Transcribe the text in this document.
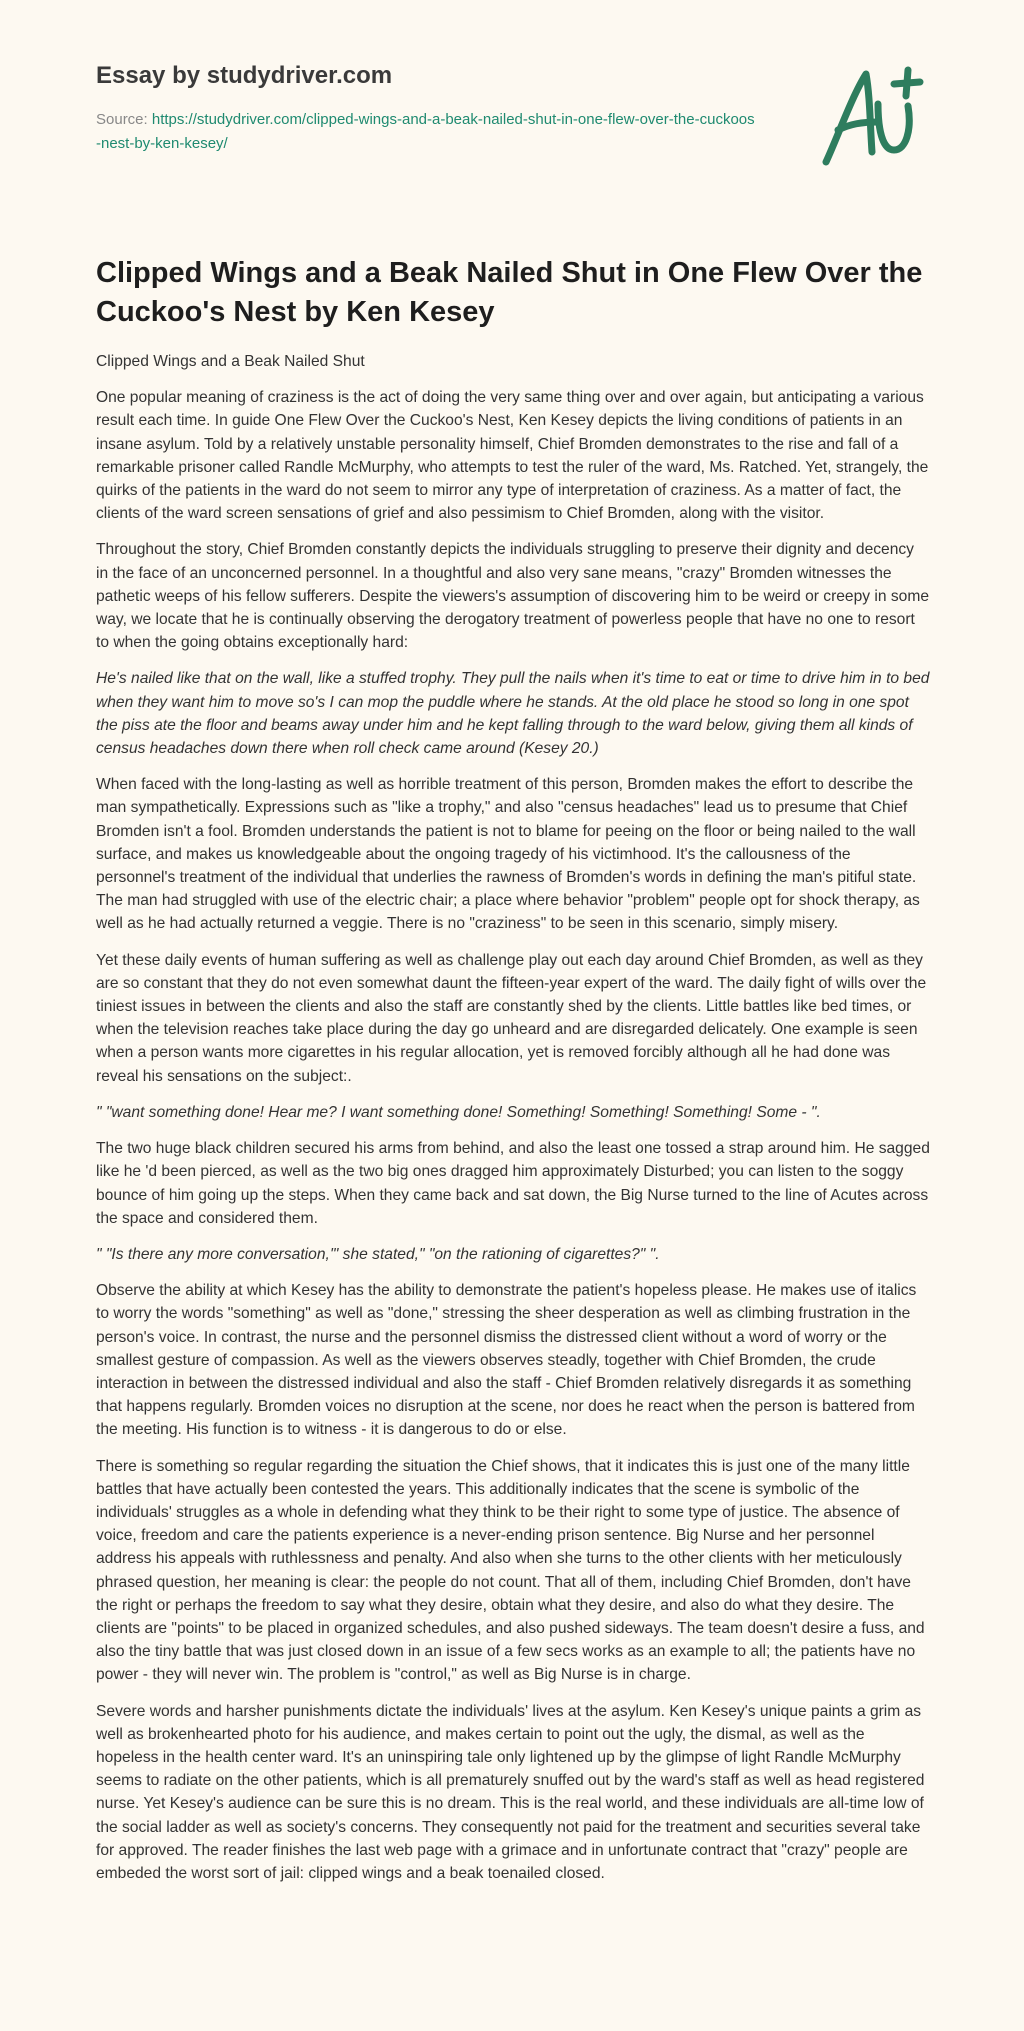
Essay by studydriver.com
Source: https://studydriver.com/clipped-wings-and-a-beak-nailed-shut-in-one-flew-over-the-cuckoos-nest-by-ken-kesey/
Clipped Wings and a Beak Nailed Shut in One Flew Over the Cuckoo's Nest by Ken Kesey

Clipped Wings and a Beak Nailed Shut

One popular meaning of craziness is the act of doing the very same thing over and over again, but anticipating a various result each time. In guide One Flew Over the Cuckoo's Nest, Ken Kesey depicts the living conditions of patients in an insane asylum. Told by a relatively unstable personality himself, Chief Bromden demonstrates to the rise and fall of a remarkable prisoner called Randle McMurphy, who attempts to test the ruler of the ward, Ms. Ratched. Yet, strangely, the quirks of the patients in the ward do not seem to mirror any type of interpretation of craziness. As a matter of fact, the clients of the ward screen sensations of grief and also pessimism to Chief Bromden, along with the visitor.

Throughout the story, Chief Bromden constantly depicts the individuals struggling to preserve their dignity and decency in the face of an unconcerned personnel. In a thoughtful and also very sane means, "crazy" Bromden witnesses the pathetic weeps of his fellow sufferers. Despite the viewers's assumption of discovering him to be weird or creepy in some way, we locate that he is continually observing the derogatory treatment of powerless people that have no one to resort to when the going obtains exceptionally hard:

He's nailed like that on the wall, like a stuffed trophy. They pull the nails when it's time to eat or time to drive him in to bed when they want him to move so's I can mop the puddle where he stands. At the old place he stood so long in one spot the piss ate the floor and beams away under him and he kept falling through to the ward below, giving them all kinds of census headaches down there when roll check came around (Kesey 20.)

When faced with the long-lasting as well as horrible treatment of this person, Bromden makes the effort to describe the man sympathetically. Expressions such as "like a trophy," and also "census headaches" lead us to presume that Chief Bromden isn't a fool. Bromden understands the patient is not to blame for peeing on the floor or being nailed to the wall surface, and makes us knowledgeable about the ongoing tragedy of his victimhood. It's the callousness of the personnel's treatment of the individual that underlies the rawness of Bromden's words in defining the man's pitiful state. The man had struggled with use of the electric chair; a place where behavior "problem" people opt for shock therapy, as well as he had actually returned a veggie. There is no "craziness" to be seen in this scenario, simply misery.

Yet these daily events of human suffering as well as challenge play out each day around Chief Bromden, as well as they are so constant that they do not even somewhat daunt the fifteen-year expert of the ward. The daily fight of wills over the tiniest issues in between the clients and also the staff are constantly shed by the clients. Little battles like bed times, or when the television reaches take place during the day go unheard and are disregarded delicately. One example is seen when a person wants more cigarettes in his regular allocation, yet is removed forcibly although all he had done was reveal his sensations on the subject:.

" "want something done! Hear me? I want something done! Something! Something! Something! Some - ".

The two huge black children secured his arms from behind, and also the least one tossed a strap around him. He sagged like he 'd been pierced, as well as the two big ones dragged him approximately Disturbed; you can listen to the soggy bounce of him going up the steps. When they came back and sat down, the Big Nurse turned to the line of Acutes across the space and considered them.

" "Is there any more conversation,'" she stated," "on the rationing of cigarettes?" ".

Observe the ability at which Kesey has the ability to demonstrate the patient's hopeless please. He makes use of italics to worry the words "something" as well as "done," stressing the sheer desperation as well as climbing frustration in the person's voice. In contrast, the nurse and the personnel dismiss the distressed client without a word of worry or the smallest gesture of compassion. As well as the viewers observes steadly, together with Chief Bromden, the crude interaction in between the distressed individual and also the staff - Chief Bromden relatively disregards it as something that happens regularly. Bromden voices no disruption at the scene, nor does he react when the person is battered from the meeting. His function is to witness - it is dangerous to do or else.

There is something so regular regarding the situation the Chief shows, that it indicates this is just one of the many little battles that have actually been contested the years. This additionally indicates that the scene is symbolic of the individuals' struggles as a whole in defending what they think to be their right to some type of justice. The absence of voice, freedom and care the patients experience is a never-ending prison sentence. Big Nurse and her personnel address his appeals with ruthlessness and penalty. And also when she turns to the other clients with her meticulously phrased question, her meaning is clear: the people do not count. That all of them, including Chief Bromden, don't have the right or perhaps the freedom to say what they desire, obtain what they desire, and also do what they desire. The clients are "points" to be placed in organized schedules, and also pushed sideways. The team doesn't desire a fuss, and also the tiny battle that was just closed down in an issue of a few secs works as an example to all; the patients have no power - they will never win. The problem is "control," as well as Big Nurse is in charge.

Severe words and harsher punishments dictate the individuals' lives at the asylum. Ken Kesey's unique paints a grim as well as brokenhearted photo for his audience, and makes certain to point out the ugly, the dismal, as well as the hopeless in the health center ward. It's an uninspiring tale only lightened up by the glimpse of light Randle McMurphy seems to radiate on the other patients, which is all prematurely snuffed out by the ward's staff as well as head registered nurse. Yet Kesey's audience can be sure this is no dream. This is the real world, and these individuals are all-time low of the social ladder as well as society's concerns. They consequently not paid for the treatment and securities several take for approved. The reader finishes the last web page with a grimace and in unfortunate contract that "crazy" people are embeded the worst sort of jail: clipped wings and a beak toenailed closed.
